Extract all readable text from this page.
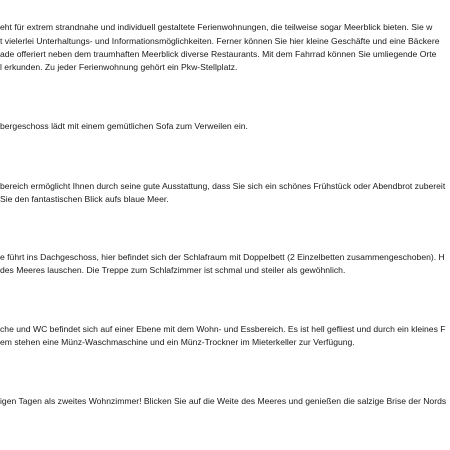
eht für extrem strandnahe und individuell gestaltete Ferienwohnungen, die teilweise sogar Meerblick bieten. Sie w
t vielerlei Unterhaltungs- und Informationsmöglichkeiten. Ferner können Sie hier kleine Geschäfte und eine Bäckere
ade offeriert neben dem traumhaften Meerblick diverse Restaurants. Mit dem Fahrrad können Sie umliegende Orte
l erkunden. Zu jeder Ferienwohnung gehört ein Pkw-Stellplatz.
bergeschoss lädt mit einem gemütlichen Sofa zum Verweilen ein.
bereich ermöglicht Ihnen durch seine gute Ausstattung, dass Sie sich ein schönes Frühstück oder Abendbrot zubereit
Sie den fantastischen Blick aufs blaue Meer.
e führt ins Dachgeschoss, hier befindet sich der Schlafraum mit Doppelbett (2 Einzelbetten zusammengeschoben). H
des Meeres lauschen. Die Treppe zum Schlafzimmer ist schmal und steiler als gewöhnlich.
che und WC befindet sich auf einer Ebene mit dem Wohn- und Essbereich. Es ist hell gefliest und durch ein kleines F
em stehen eine Münz-Waschmaschine und ein Münz-Trockner im Mieterkeller zur Verfügung.
igen Tagen als zweites Wohnzimmer! Blicken Sie auf die Weite des Meeres und genießen die salzige Brise der Nords
